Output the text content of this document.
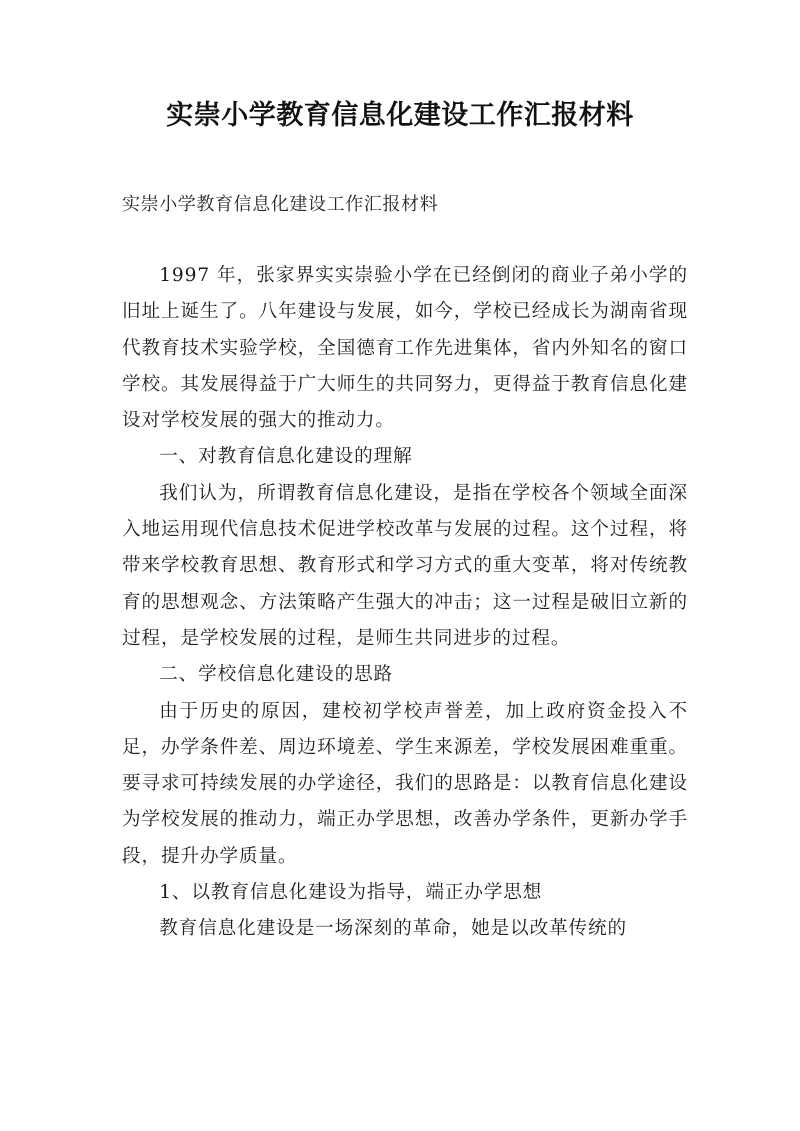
实崇小学教育信息化建设工作汇报材料
实崇小学教育信息化建设工作汇报材料

1997 年，张家界实实崇验小学在已经倒闭的商业子弟小学的旧址上诞生了。八年建设与发展，如今，学校已经成长为湖南省现代教育技术实验学校，全国德育工作先进集体，省内外知名的窗口学校。其发展得益于广大师生的共同努力，更得益于教育信息化建设对学校发展的强大的推动力。

一、对教育信息化建设的理解

我们认为，所谓教育信息化建设，是指在学校各个领域全面深入地运用现代信息技术促进学校改革与发展的过程。这个过程，将带来学校教育思想、教育形式和学习方式的重大变革，将对传统教育的思想观念、方法策略产生强大的冲击；这一过程是破旧立新的过程，是学校发展的过程，是师生共同进步的过程。

二、学校信息化建设的思路

由于历史的原因，建校初学校声誉差，加上政府资金投入不足，办学条件差、周边环境差、学生来源差，学校发展困难重重。要寻求可持续发展的办学途径，我们的思路是：以教育信息化建设为学校发展的推动力，端正办学思想，改善办学条件，更新办学手段，提升办学质量。

1、以教育信息化建设为指导，端正办学思想

教育信息化建设是一场深刻的革命，她是以改革传统的
